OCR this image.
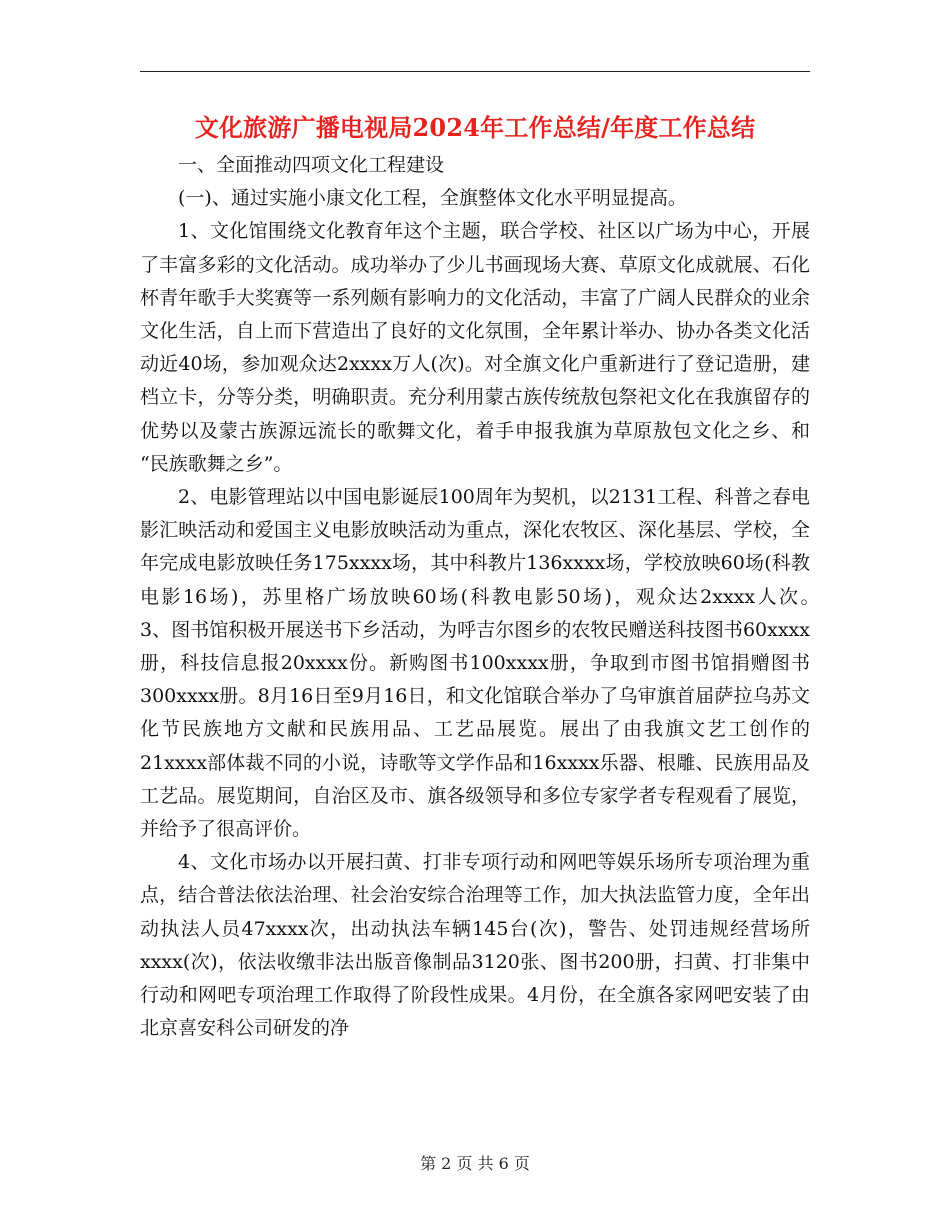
文化旅游广播电视局2024年工作总结/年度工作总结

一、全面推动四项文化工程建设

(一)、通过实施小康文化工程，全旗整体文化水平明显提高。

1、文化馆围绕文化教育年这个主题，联合学校、社区以广场为中心，开展了丰富多彩的文化活动。成功举办了少儿书画现场大赛、草原文化成就展、石化杯青年歌手大奖赛等一系列颇有影响力的文化活动，丰富了广阔人民群众的业余文化生活，自上而下营造出了良好的文化氛围，全年累计举办、协办各类文化活动近40场，参加观众达2xxxx万人(次)。对全旗文化户重新进行了登记造册，建档立卡，分等分类，明确职责。充分利用蒙古族传统敖包祭祀文化在我旗留存的优势以及蒙古族源远流长的歌舞文化，着手申报我旗为草原敖包文化之乡、和 “民族歌舞之乡”。

2、电影管理站以中国电影诞辰100周年为契机，以2131工程、科普之春电影汇映活动和爱国主义电影放映活动为重点，深化农牧区、深化基层、学校，全年完成电影放映任务175xxxx场，其中科教片136xxxx场，学校放映60场(科教电影16场)，苏里格广场放映60场(科教电影50场)，观众达2xxxx人次。　　　3、图书馆积极开展送书下乡活动，为呼吉尔图乡的农牧民赠送科技图书60xxxx册，科技信息报20xxxx份。新购图书100xxxx册，争取到市图书馆捐赠图书300xxxx册。8月16日至9月16日，和文化馆联合举办了乌审旗首届萨拉乌苏文化节民族地方文献和民族用品、工艺品展览。展出了由我旗文艺工创作的21xxxx部体裁不同的小说，诗歌等文学作品和16xxxx乐器、根雕、民族用品及工艺品。展览期间，自治区及市、旗各级领导和多位专家学者专程观看了展览，并给予了很高评价。

4、文化市场办以开展扫黄、打非专项行动和网吧等娱乐场所专项治理为重点，结合普法依法治理、社会治安综合治理等工作，加大执法监管力度，全年出动执法人员47xxxx次，出动执法车辆145台(次)，警告、处罚违规经营场所xxxx(次)，依法收缴非法出版音像制品3120张、图书200册，扫黄、打非集中行动和网吧专项治理工作取得了阶段性成果。4月份，在全旗各家网吧安装了由北京喜安科公司研发的净

第 2 页 共 6 页
